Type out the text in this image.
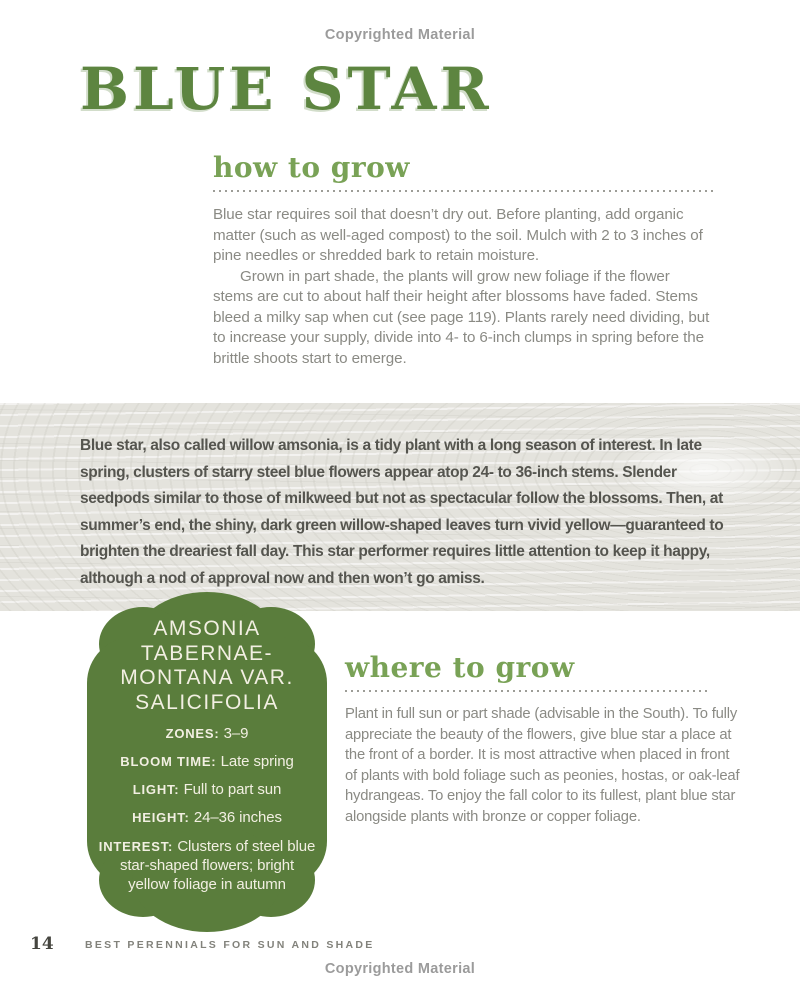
Copyrighted Material
BLUE STAR
how to grow

Blue star requires soil that doesn’t dry out. Before planting, add organic matter (such as well-aged compost) to the soil. Mulch with 2 to 3 inches of pine needles or shredded bark to retain moisture.

Grown in part shade, the plants will grow new foliage if the flower stems are cut to about half their height after blossoms have faded. Stems bleed a milky sap when cut (see page 119). Plants rarely need dividing, but to increase your supply, divide into 4- to 6-inch clumps in spring before the brittle shoots start to emerge.

Blue star, also called willow amsonia, is a tidy plant with a long season of interest. In late spring, clusters of starry steel blue flowers appear atop 24- to 36-inch stems. Slender seedpods similar to those of milkweed but not as spectacular follow the blossoms. Then, at summer’s end, the shiny, dark green willow-shaped leaves turn vivid yellow—guaranteed to brighten the dreariest fall day. This star performer requires little attention to keep it happy, although a nod of approval now and then won’t go amiss.
AMSONIA
TABERNAE-
MONTANA VAR.
SALICIFOLIA
ZONES: 3–9
BLOOM TIME: Late spring
LIGHT: Full to part sun
HEIGHT: 24–36 inches
INTEREST: Clusters of steel blue star-shaped flowers; bright yellow foliage in autumn
where to grow

Plant in full sun or part shade (advisable in the South). To fully appreciate the beauty of the flowers, give blue star a place at the front of a border. It is most attractive when placed in front of plants with bold foliage such as peonies, hostas, or oak-leaf hydrangeas. To enjoy the fall color to its fullest, plant blue star alongside plants with bronze or copper foliage.

14	BEST PERENNIALS FOR SUN AND SHADE
Copyrighted Material
